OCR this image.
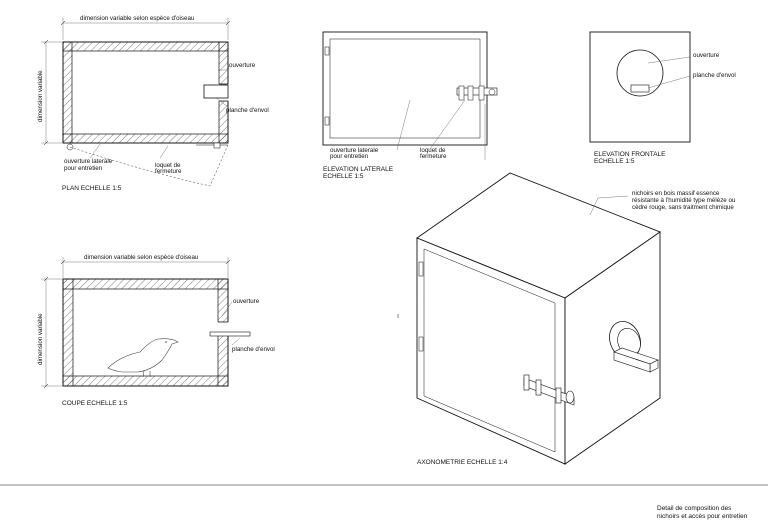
dimension variable selon espèce d'oiseau
dimension variable
ouverture
planche d'envol
ouverture laterale
pour entretien	loquet de
fermeture
PLAN ECHELLE 1:5
ouverture laterale
pour entretien
loquet de
fermeture
ELEVATION LATERALE
ECHELLE 1:5
ouverture
planche d'envol
ELEVATION FRONTALE
ECHELLE 1:5
dimension variable selon espèce d'oiseau
dimension variable
ouverture
planche d'envol
COUPE ECHELLE 1:5
nichoirs en bois massif essence
résistante à l'humidité type mélèze ou
cèdre rouge, sans traitment chimique
AXONOMETRIE ECHELLE 1:4
Detail de composition des
nichoirs et accès pour entretien
